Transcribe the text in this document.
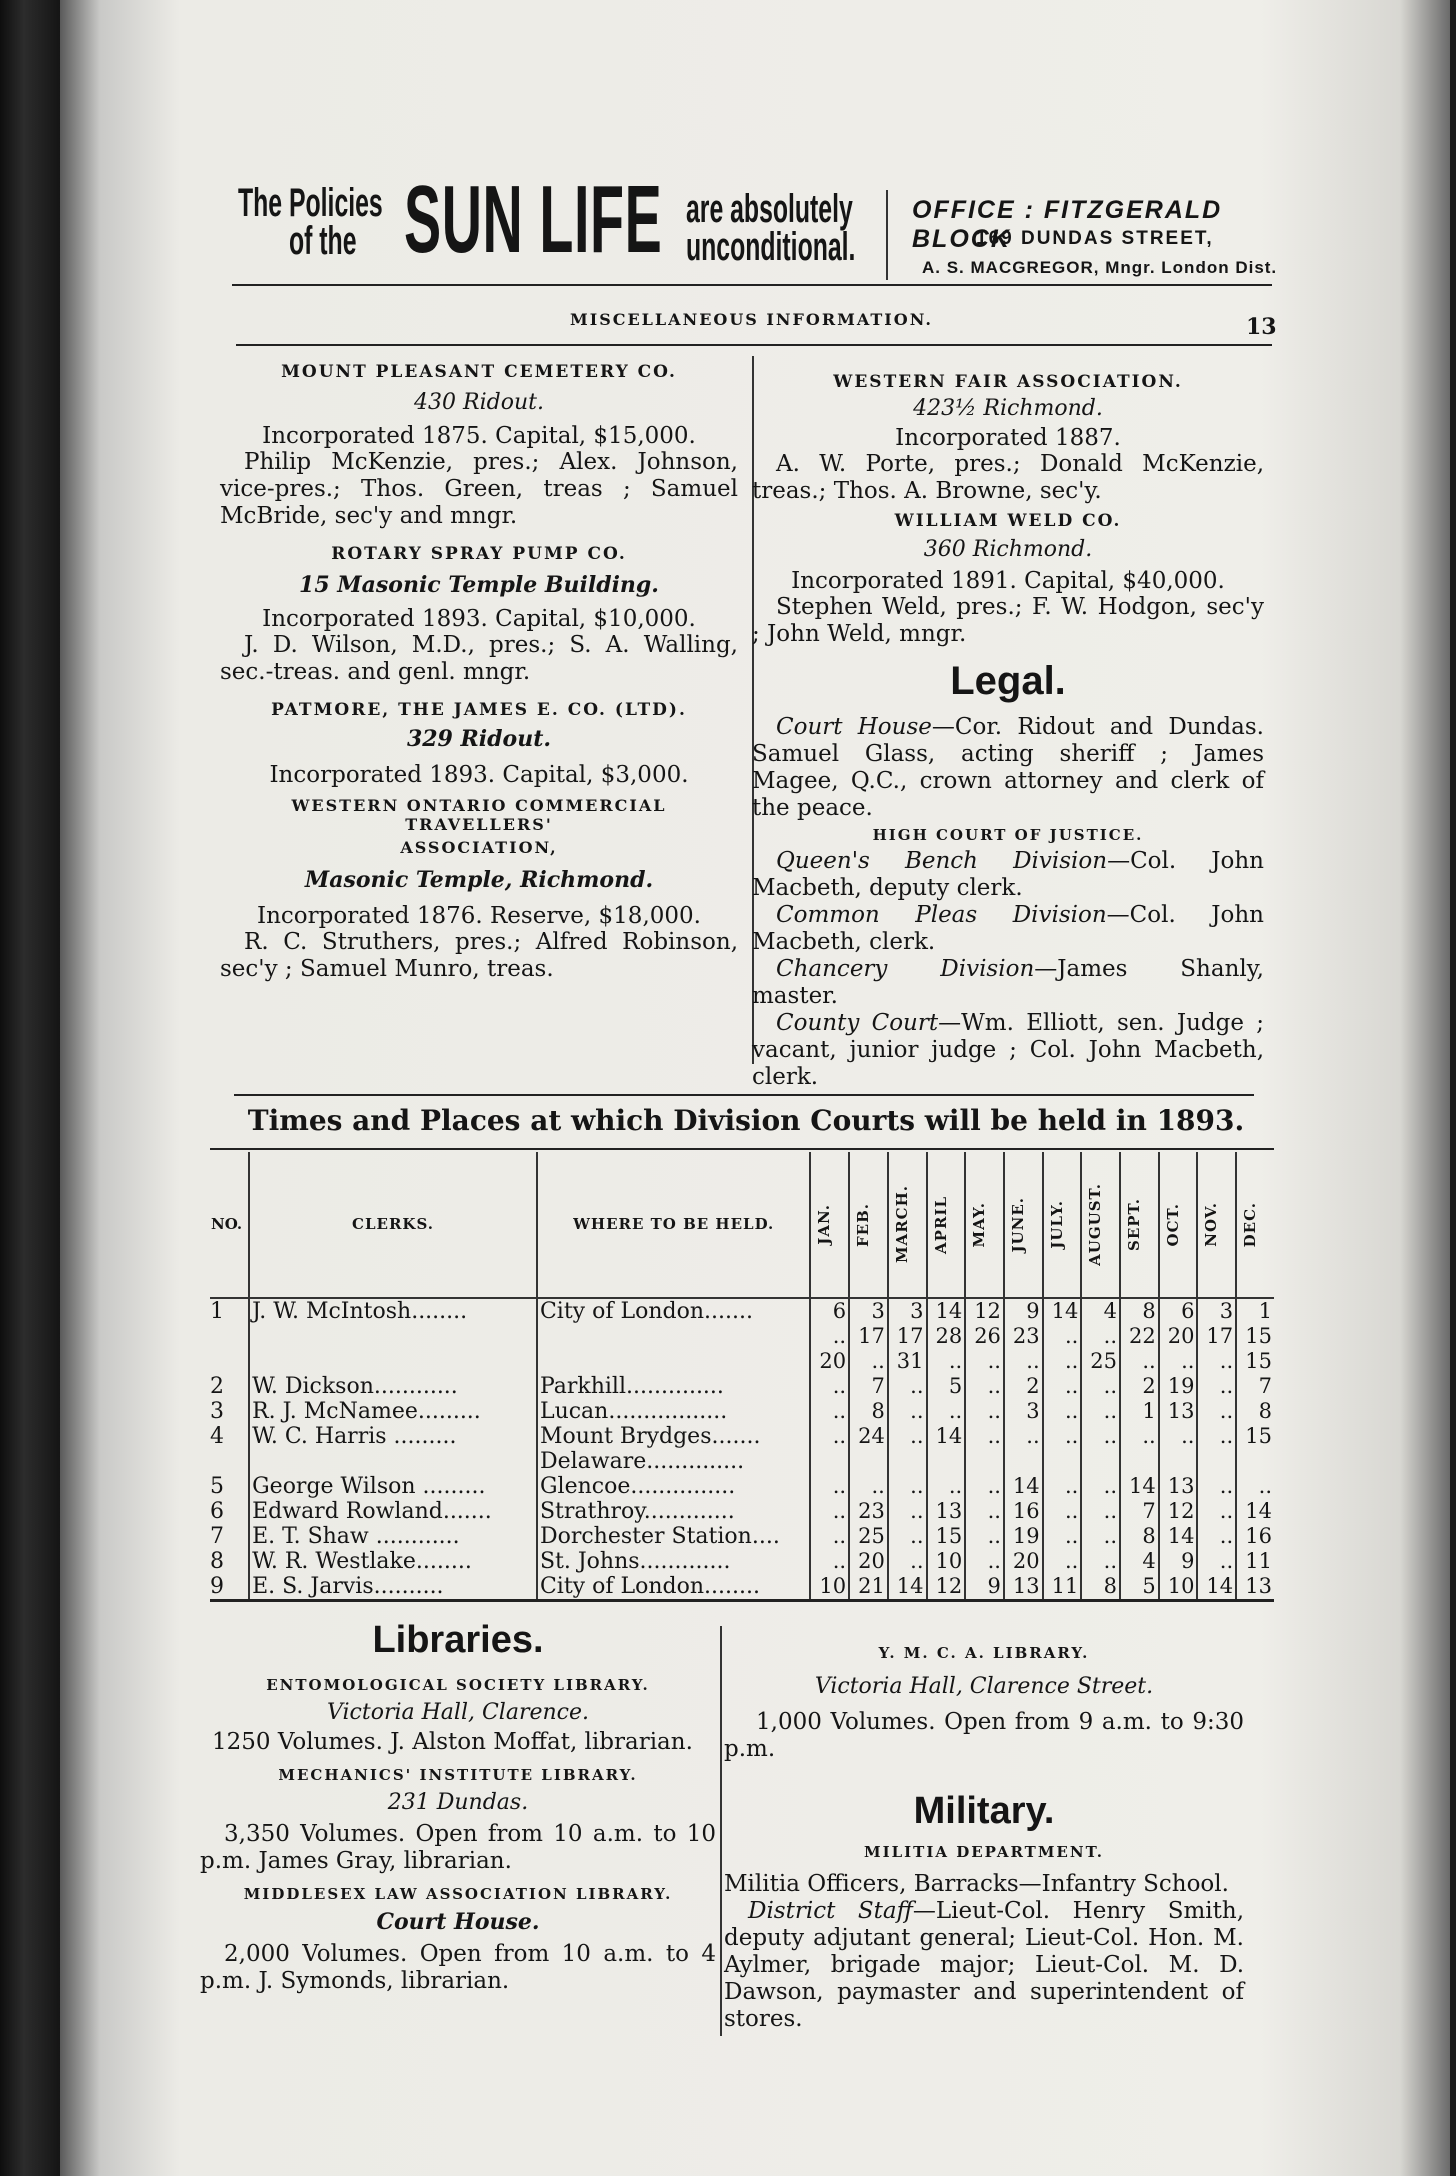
The Policies
of the SUN LIFE are absolutely
unconditional.
OFFICE : FITZGERALD BLOCK
169 DUNDAS STREET,
A. S. MACGREGOR, Mngr. London Dist.
MISCELLANEOUS INFORMATION.	13
MOUNT PLEASANT CEMETERY CO.
430 Ridout.
Incorporated 1875. Capital, $15,000.
Philip McKenzie, pres.; Alex. Johnson, vice-pres.; Thos. Green, treas ; Samuel McBride, sec'y and mngr.
ROTARY SPRAY PUMP CO.
15 Masonic Temple Building.
Incorporated 1893. Capital, $10,000.
J. D. Wilson, M.D., pres.; S. A. Walling, sec.-treas. and genl. mngr.
PATMORE, THE JAMES E. CO. (LTD).
329 Ridout.
Incorporated 1893. Capital, $3,000.
WESTERN ONTARIO COMMERCIAL TRAVELLERS'
ASSOCIATION,
Masonic Temple, Richmond.
Incorporated 1876. Reserve, $18,000.
R. C. Struthers, pres.; Alfred Robinson, sec'y ; Samuel Munro, treas.
WESTERN FAIR ASSOCIATION.
423½ Richmond.
Incorporated 1887.
A. W. Porte, pres.; Donald McKenzie, treas.; Thos. A. Browne, sec'y.
WILLIAM WELD CO.
360 Richmond.
Incorporated 1891. Capital, $40,000.
Stephen Weld, pres.; F. W. Hodgon, sec'y ; John Weld, mngr.
Legal.
Court House—Cor. Ridout and Dundas. Samuel Glass, acting sheriff ; James Magee, Q.C., crown attorney and clerk of the peace.
HIGH COURT OF JUSTICE.
Queen's Bench Division—Col. John Macbeth, deputy clerk.
Common Pleas Division—Col. John Macbeth, clerk.
Chancery Division—James Shanly, master.
County Court—Wm. Elliott, sen. Judge ; vacant, junior judge ; Col. John Macbeth, clerk.
Times and Places at which Division Courts will be held in 1893.
NO.	CLERKS.	WHERE TO BE HELD.	JAN.	FEB.	MARCH.	APRIL	MAY.	JUNE.	JULY.	AUGUST.	SEPT.	OCT.	NOV.	DEC.

1	J. W. McIntosh........	City of London.......	6	3	3	14	12	9	14	4	8	6	3	1
			..	17	17	28	26	23	..	..	22	20	17	15
			20	..	31	..	..	..	..	25	..	..	..	15
2	W. Dickson............	Parkhill..............	..	7	..	5	..	2	..	..	2	19	..	7
3	R. J. McNamee.........	Lucan.................	..	8	..	..	..	3	..	..	1	13	..	8
4	W. C. Harris .........	Mount Brydges.......	..	24	..	14	..	..	..	..	..	..	..	15
		Delaware..............												
5	George Wilson .........	Glencoe...............	..	..	..	..	..	14	..	..	14	13	..	..
6	Edward Rowland.......	Strathroy.............	..	23	..	13	..	16	..	..	7	12	..	14
7	E. T. Shaw ............	Dorchester Station....	..	25	..	15	..	19	..	..	8	14	..	16
8	W. R. Westlake........	St. Johns.............	..	20	..	10	..	20	..	..	4	9	..	11
9	E. S. Jarvis..........	City of London........	10	21	14	12	9	13	11	8	5	10	14	13
Libraries.
ENTOMOLOGICAL SOCIETY LIBRARY.
Victoria Hall, Clarence.
1250 Volumes. J. Alston Moffat, librarian.
MECHANICS' INSTITUTE LIBRARY.
231 Dundas.
3,350 Volumes. Open from 10 a.m. to 10 p.m. James Gray, librarian.
MIDDLESEX LAW ASSOCIATION LIBRARY.
Court House.
2,000 Volumes. Open from 10 a.m. to 4 p.m. J. Symonds, librarian.
Y. M. C. A. LIBRARY.
Victoria Hall, Clarence Street.
1,000 Volumes. Open from 9 a.m. to 9:30 p.m.
Military.
MILITIA DEPARTMENT.
Militia Officers, Barracks—Infantry School.
District Staff—Lieut-Col. Henry Smith, deputy adjutant general; Lieut-Col. Hon. M. Aylmer, brigade major; Lieut-Col. M. D. Dawson, paymaster and superintendent of stores.
